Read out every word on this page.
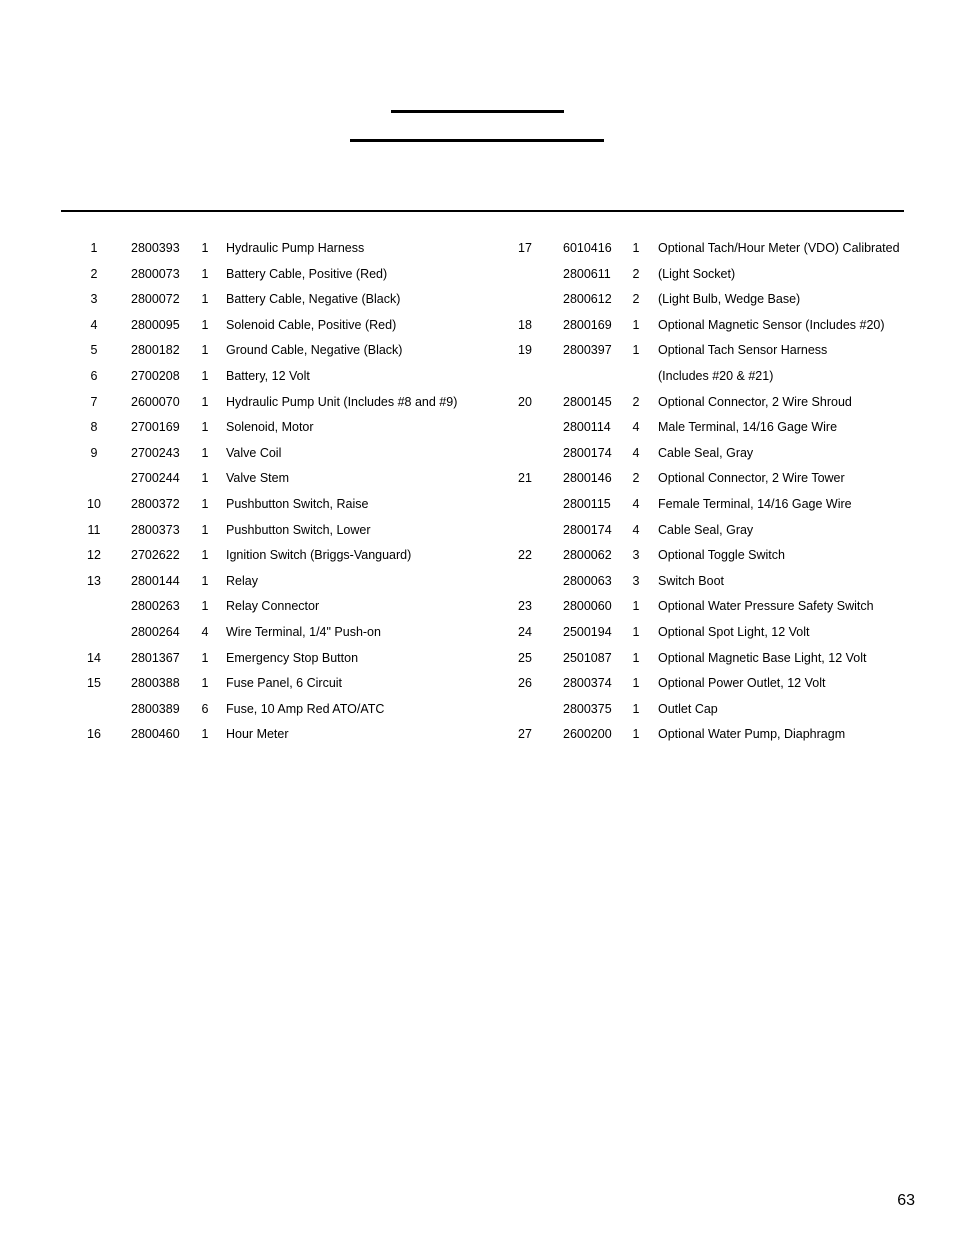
1	2800393 1 Hydraulic Pump Harness
2	2800073 1 Battery Cable, Positive (Red)
3	2800072 1 Battery Cable, Negative (Black)
4	2800095 1 Solenoid Cable, Positive (Red)
5	2800182 1 Ground Cable, Negative (Black)
6	2700208 1 Battery, 12 Volt
7	2600070 1 Hydraulic Pump Unit (Includes #8 and #9)
8	2700169 1 Solenoid, Motor
9	2700243 1 Valve Coil
2700244 1 Valve Stem
10	2800372 1 Pushbutton Switch, Raise
11	2800373 1 Pushbutton Switch, Lower
12	2702622 1 Ignition Switch (Briggs-Vanguard)
13	2800144 1 Relay
2800263 1 Relay Connector
2800264 4 Wire Terminal, 1/4" Push-on
14	2801367 1 Emergency Stop Button
15	2800388 1 Fuse Panel, 6 Circuit
2800389 6 Fuse, 10 Amp Red ATO/ATC
16	2800460 1 Hour Meter
17	6010416 1 Optional Tach/Hour Meter (VDO) Calibrated
2800611 2 (Light Socket)
2800612 2 (Light Bulb, Wedge Base)
18	2800169 1 Optional Magnetic Sensor (Includes #20)
19	2800397 1 Optional Tach Sensor Harness
(Includes #20 & #21)
20	2800145 2 Optional Connector, 2 Wire Shroud
2800114 4 Male Terminal, 14/16 Gage Wire
2800174 4 Cable Seal, Gray
21	2800146 2 Optional Connector, 2 Wire Tower
2800115 4 Female Terminal, 14/16 Gage Wire
2800174 4 Cable Seal, Gray
22	2800062 3 Optional Toggle Switch
2800063 3 Switch Boot
23	2800060 1 Optional Water Pressure Safety Switch
24	2500194 1 Optional Spot Light, 12 Volt
25	2501087 1 Optional Magnetic Base Light, 12 Volt
26	2800374 1 Optional Power Outlet, 12 Volt
2800375 1 Outlet Cap
27	2600200 1 Optional Water Pump, Diaphragm
63
